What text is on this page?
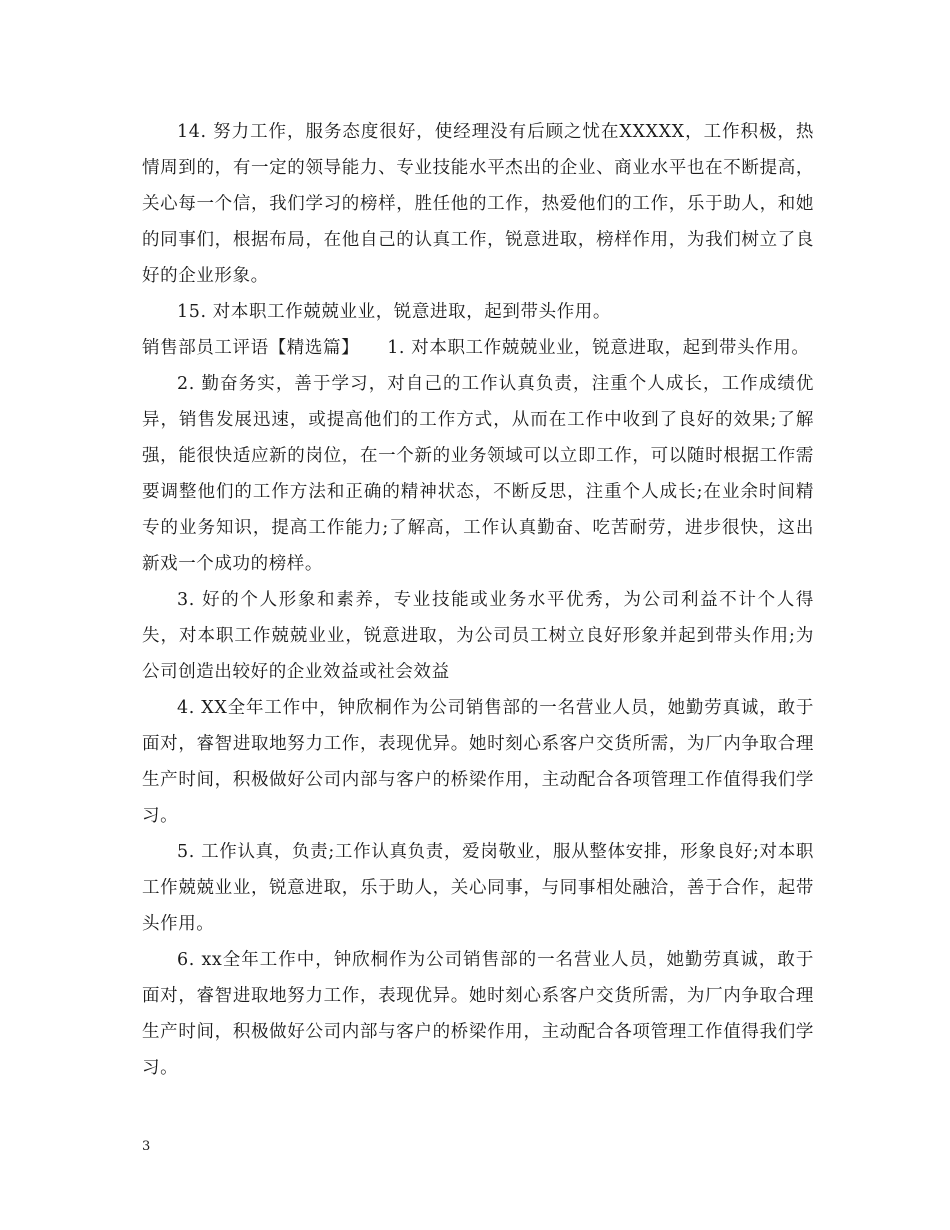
14. 努力工作，服务态度很好，使经理没有后顾之忧在XXXXX，工作积极，热情周到的，有一定的领导能力、专业技能水平杰出的企业、商业水平也在不断提高，关心每一个信，我们学习的榜样，胜任他的工作，热爱他们的工作，乐于助人，和她的同事们，根据布局，在他自己的认真工作，锐意进取，榜样作用，为我们树立了良好的企业形象。

15. 对本职工作兢兢业业，锐意进取，起到带头作用。

销售部员工评语【精选篇】 1. 对本职工作兢兢业业，锐意进取，起到带头作用。

2. 勤奋务实，善于学习，对自己的工作认真负责，注重个人成长，工作成绩优异，销售发展迅速，或提高他们的工作方式，从而在工作中收到了良好的效果;了解强，能很快适应新的岗位，在一个新的业务领域可以立即工作，可以随时根据工作需要调整他们的工作方法和正确的精神状态，不断反思，注重个人成长;在业余时间精专的业务知识，提高工作能力;了解高，工作认真勤奋、吃苦耐劳，进步很快，这出新戏一个成功的榜样。

3. 好的个人形象和素养，专业技能或业务水平优秀，为公司利益不计个人得失，对本职工作兢兢业业，锐意进取，为公司员工树立良好形象并起到带头作用;为公司创造出较好的企业效益或社会效益

4. XX全年工作中，钟欣桐作为公司销售部的一名营业人员，她勤劳真诚，敢于面对，睿智进取地努力工作，表现优异。她时刻心系客户交货所需，为厂内争取合理生产时间，积极做好公司内部与客户的桥梁作用，主动配合各项管理工作值得我们学习。

5. 工作认真，负责;工作认真负责，爱岗敬业，服从整体安排，形象良好;对本职工作兢兢业业，锐意进取，乐于助人，关心同事，与同事相处融洽，善于合作，起带头作用。

6. xx全年工作中，钟欣桐作为公司销售部的一名营业人员，她勤劳真诚，敢于面对，睿智进取地努力工作，表现优异。她时刻心系客户交货所需，为厂内争取合理生产时间，积极做好公司内部与客户的桥梁作用，主动配合各项管理工作值得我们学习。

3
